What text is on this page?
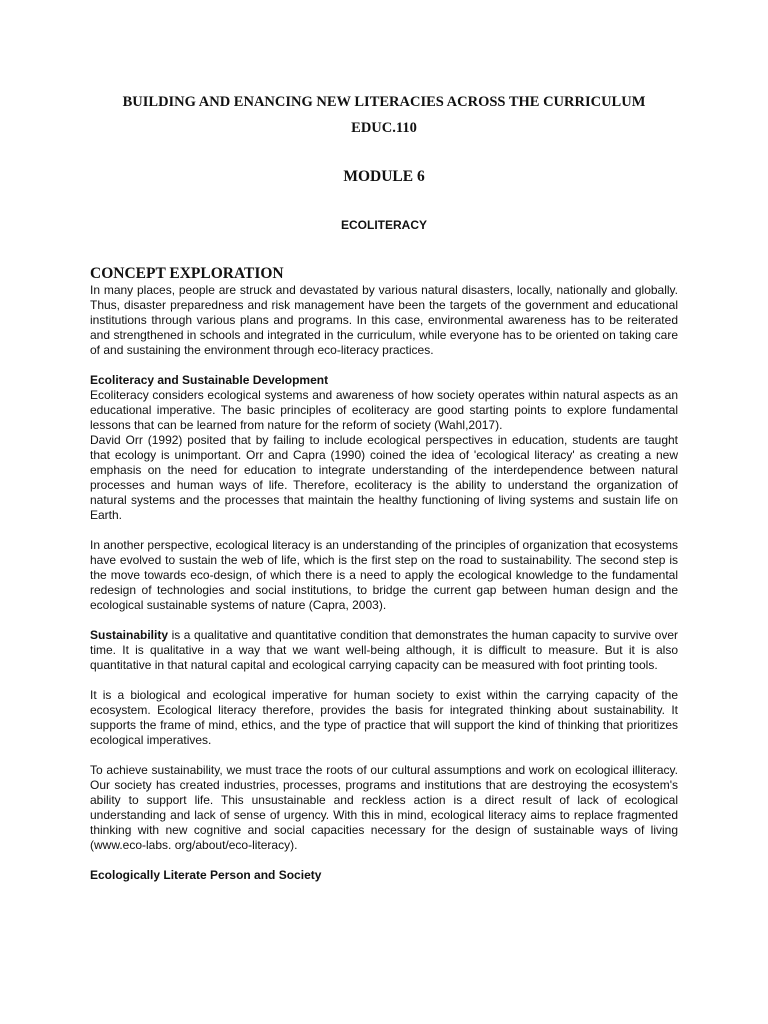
BUILDING AND ENANCING NEW LITERACIES ACROSS THE CURRICULUM
EDUC.110
MODULE 6
ECOLITERACY
CONCEPT EXPLORATION

In many places, people are struck and devastated by various natural disasters, locally, nationally and globally. Thus, disaster preparedness and risk management have been the targets of the government and educational institutions through various plans and programs. In this case, environmental awareness has to be reiterated and strengthened in schools and integrated in the curriculum, while everyone has to be oriented on taking care of and sustaining the environment through eco-literacy practices.

Ecoliteracy and Sustainable Development

Ecoliteracy considers ecological systems and awareness of how society operates within natural aspects as an educational imperative. The basic principles of ecoliteracy are good starting points to explore fundamental lessons that can be learned from nature for the reform of society (Wahl,2017).

David Orr (1992) posited that by failing to include ecological perspectives in education, students are taught that ecology is unimportant. Orr and Capra (1990) coined the idea of 'ecological literacy' as creating a new emphasis on the need for education to integrate understanding of the interdependence between natural processes and human ways of life. Therefore, ecoliteracy is the ability to understand the organization of natural systems and the processes that maintain the healthy functioning of living systems and sustain life on Earth.

In another perspective, ecological literacy is an understanding of the principles of organization that ecosystems have evolved to sustain the web of life, which is the first step on the road to sustainability. The second step is the move towards eco-design, of which there is a need to apply the ecological knowledge to the fundamental redesign of technologies and social institutions, to bridge the current gap between human design and the ecological sustainable systems of nature (Capra, 2003).

Sustainability is a qualitative and quantitative condition that demonstrates the human capacity to survive over time. It is qualitative in a way that we want well-being although, it is difficult to measure. But it is also quantitative in that natural capital and ecological carrying capacity can be measured with foot printing tools.

It is a biological and ecological imperative for human society to exist within the carrying capacity of the ecosystem. Ecological literacy therefore, provides the basis for integrated thinking about sustainability. It supports the frame of mind, ethics, and the type of practice that will support the kind of thinking that prioritizes ecological imperatives.

To achieve sustainability, we must trace the roots of our cultural assumptions and work on ecological illiteracy. Our society has created industries, processes, programs and institutions that are destroying the ecosystem's ability to support life. This unsustainable and reckless action is a direct result of lack of ecological understanding and lack of sense of urgency. With this in mind, ecological literacy aims to replace fragmented thinking with new cognitive and social capacities necessary for the design of sustainable ways of living (www.eco-labs. org/about/eco-literacy).

Ecologically Literate Person and Society
